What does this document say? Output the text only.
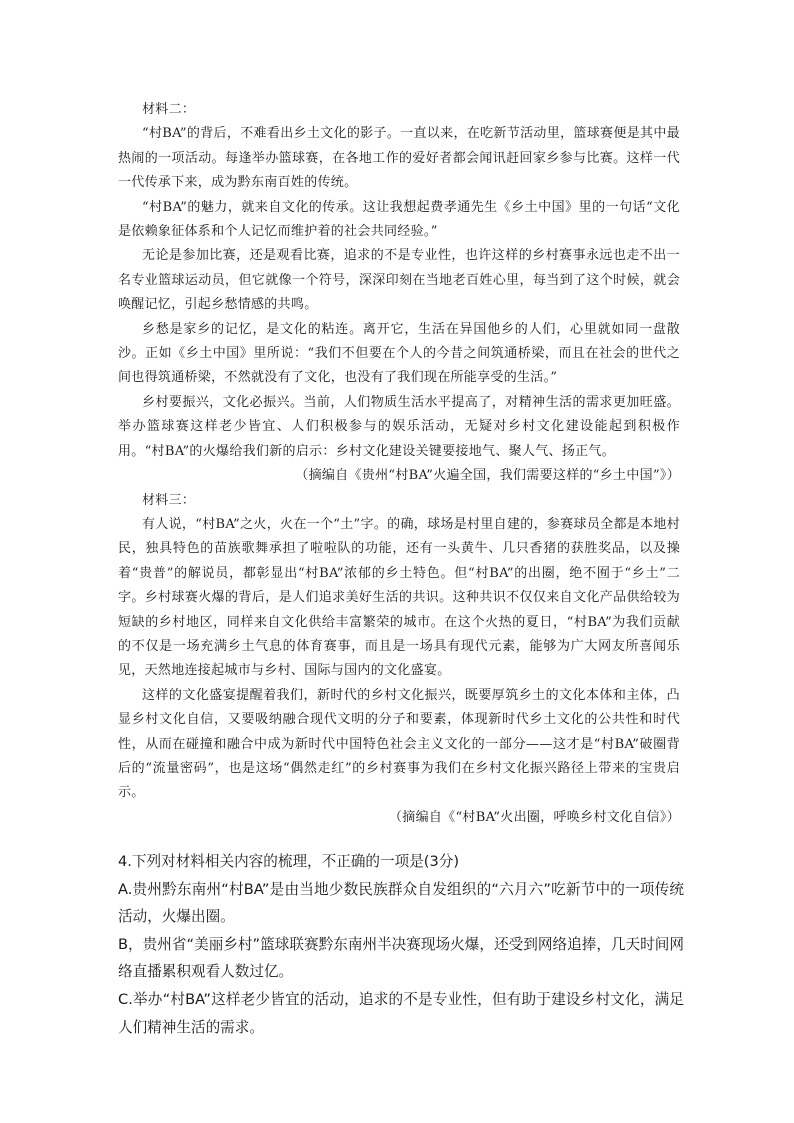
材料二：

“村BA”的背后，不难看出乡土文化的影子。一直以来，在吃新节活动里，篮球赛便是其中最热闹的一项活动。每逢举办篮球赛，在各地工作的爱好者都会闻讯赶回家乡参与比赛。这样一代一代传承下来，成为黔东南百姓的传统。

“村BA”的魅力，就来自文化的传承。这让我想起费孝通先生《乡土中国》里的一句话“文化是依赖象征体系和个人记忆而维护着的社会共同经验。”

无论是参加比赛，还是观看比赛，追求的不是专业性，也许这样的乡村赛事永远也走不出一名专业篮球运动员，但它就像一个符号，深深印刻在当地老百姓心里，每当到了这个时候，就会唤醒记忆，引起乡愁情感的共鸣。

乡愁是家乡的记忆，是文化的粘连。离开它，生活在异国他乡的人们，心里就如同一盘散沙。正如《乡土中国》里所说：“我们不但要在个人的今昔之间筑通桥梁，而且在社会的世代之间也得筑通桥梁，不然就没有了文化，也没有了我们现在所能享受的生活。”

乡村要振兴，文化必振兴。当前，人们物质生活水平提高了，对精神生活的需求更加旺盛。举办篮球赛这样老少皆宜、人们积极参与的娱乐活动，无疑对乡村文化建设能起到积极作用。“村BA”的火爆给我们新的启示：乡村文化建设关键要接地气、聚人气、扬正气。

（摘编自《贵州“村BA”火遍全国，我们需要这样的“乡土中国”》）

材料三：

有人说，“村BA”之火，火在一个“土”字。的确，球场是村里自建的，参赛球员全都是本地村民，独具特色的苗族歌舞承担了啦啦队的功能，还有一头黄牛、几只香猪的获胜奖品，以及操着“贵普”的解说员，都彰显出“村BA”浓郁的乡土特色。但“村BA”的出圈，绝不囿于“乡土”二字。乡村球赛火爆的背后，是人们追求美好生活的共识。这种共识不仅仅来自文化产品供给较为短缺的乡村地区，同样来自文化供给丰富繁荣的城市。在这个火热的夏日，“村BA”为我们贡献的不仅是一场充满乡土气息的体育赛事，而且是一场具有现代元素，能够为广大网友所喜闻乐见，天然地连接起城市与乡村、国际与国内的文化盛宴。

这样的文化盛宴提醒着我们，新时代的乡村文化振兴，既要厚筑乡土的文化本体和主体，凸显乡村文化自信，又要吸纳融合现代文明的分子和要素，体现新时代乡土文化的公共性和时代性，从而在碰撞和融合中成为新时代中国特色社会主义文化的一部分——这才是“村BA”破圈背后的“流量密码”，也是这场“偶然走红”的乡村赛事为我们在乡村文化振兴路径上带来的宝贵启示。

（摘编自《“村BA”火出圈，呼唤乡村文化自信》）

4.下列对材料相关内容的梳理，不正确的一项是(3分)

A.贵州黔东南州“村BA”是由当地少数民族群众自发组织的“六月六”吃新节中的一项传统活动，火爆出圈。

B，贵州省“美丽乡村”篮球联赛黔东南州半决赛现场火爆，还受到网络追捧，几天时间网络直播累积观看人数过亿。

C.举办“村BA”这样老少皆宜的活动，追求的不是专业性，但有助于建设乡村文化，满足人们精神生活的需求。
